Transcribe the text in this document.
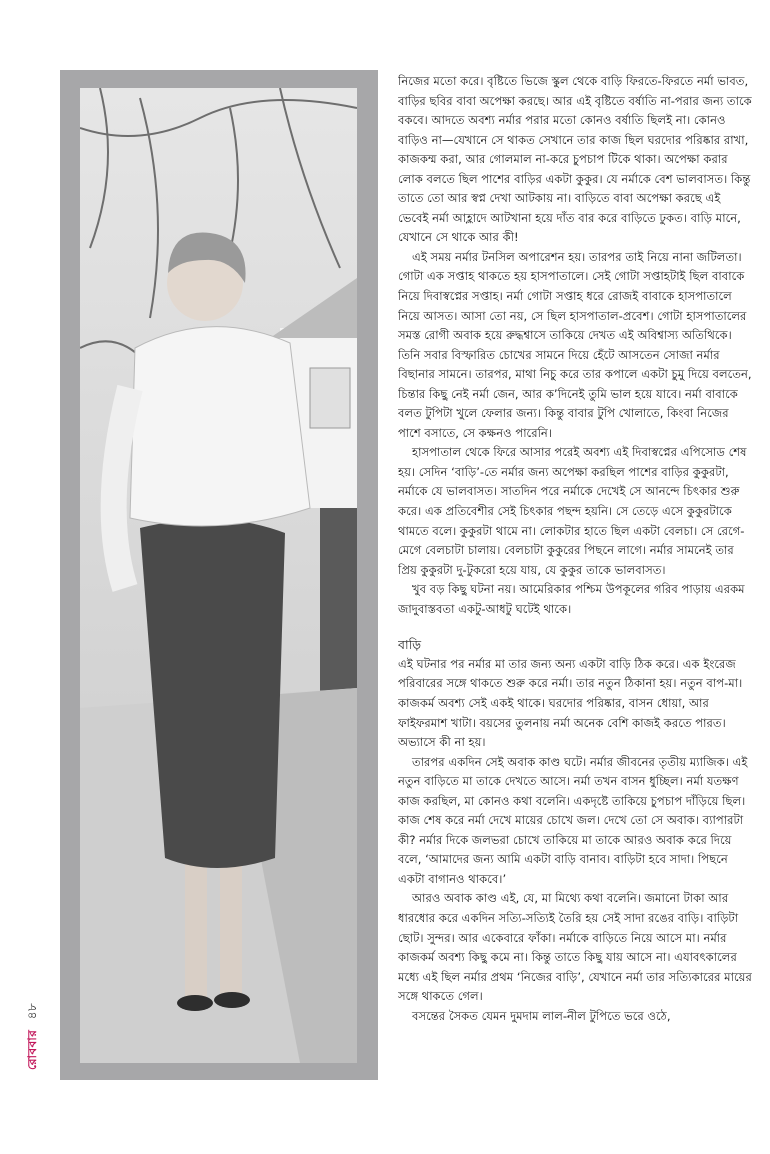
রোববার ৪৮

নিজের মতো করে। বৃষ্টিতে ভিজে স্কুল থেকে বাড়ি ফিরতে-ফিরতে নর্মা ভাবত, বাড়ির ছবির বাবা অপেক্ষা করছে। আর এই বৃষ্টিতে বর্ষাতি না-পরার জন্য তাকে বকবে। আদতে অবশ্য নর্মার পরার মতো কোনও বর্ষাতি ছিলই না। কোনও বাড়িও না—যেখানে সে থাকত সেখানে তার কাজ ছিল ঘরদোর পরিষ্কার রাখা, কাজকম্ম করা, আর গোলমাল না-করে চুপচাপ টিকে থাকা। অপেক্ষা করার লোক বলতে ছিল পাশের বাড়ির একটা কুকুর। যে নর্মাকে বেশ ভালবাসত। কিন্তু তাতে তো আর স্বপ্ন দেখা আটকায় না। বাড়িতে বাবা অপেক্ষা করছে এই ভেবেই নর্মা আহ্লাদে আটখানা হয়ে দাঁত বার করে বাড়িতে ঢুকত। বাড়ি মানে, যেখানে সে থাকে আর কী!

এই সময় নর্মার টনসিল অপারেশন হয়। তারপর তাই নিয়ে নানা জটিলতা। গোটা এক সপ্তাহ থাকতে হয় হাসপাতালে। সেই গোটা সপ্তাহটাই ছিল বাবাকে নিয়ে দিবাস্বপ্নের সপ্তাহ। নর্মা গোটা সপ্তাহ ধরে রোজই বাবাকে হাসপাতালে নিয়ে আসত। আসা তো নয়, সে ছিল হাসপাতাল-প্রবেশ। গোটা হাসপাতালের সমস্ত রোগী অবাক হয়ে রুদ্ধশ্বাসে তাকিয়ে দেখত এই অবিশ্বাস্য অতিথিকে। তিনি সবার বিস্ফারিত চোখের সামনে দিয়ে হেঁটে আসতেন সোজা নর্মার বিছানার সামনে। তারপর, মাথা নিচু করে তার কপালে একটা চুমু দিয়ে বলতেন, চিন্তার কিছু নেই নর্মা জেন, আর ক’দিনেই তুমি ভাল হয়ে যাবে। নর্মা বাবাকে বলত টুপিটা খুলে ফেলার জন্য। কিন্তু বাবার টুপি খোলাতে, কিংবা নিজের পাশে বসাতে, সে কক্ষনও পারেনি।

হাসপাতাল থেকে ফিরে আসার পরেই অবশ্য এই দিবাস্বপ্নের এপিসোড শেষ হয়। সেদিন ‘বাড়ি’-তে নর্মার জন্য অপেক্ষা করছিল পাশের বাড়ির কুকুরটা, নর্মাকে যে ভালবাসত। সাতদিন পরে নর্মাকে দেখেই সে আনন্দে চিৎকার শুরু করে। এক প্রতিবেশীর সেই চিৎকার পছন্দ হয়নি। সে তেড়ে এসে কুকুরটাকে থামতে বলে। কুকুরটা থামে না। লোকটার হাতে ছিল একটা বেলচা। সে রেগে-মেগে বেলচাটা চালায়। বেলচাটা কুকুরের পিছনে লাগে। নর্মার সামনেই তার প্রিয় কুকুরটা দু-টুকরো হয়ে যায়, যে কুকুর তাকে ভালবাসত।

খুব বড় কিছু ঘটনা নয়। আমেরিকার পশ্চিম উপকূলের গরিব পাড়ায় এরকম জাদুবাস্তবতা একটু-আধটু ঘটেই থাকে।

বাড়ি

এই ঘটনার পর নর্মার মা তার জন্য অন্য একটা বাড়ি ঠিক করে। এক ইংরেজ পরিবারের সঙ্গে থাকতে শুরু করে নর্মা। তার নতুন ঠিকানা হয়। নতুন বাপ-মা। কাজকর্ম অবশ্য সেই একই থাকে। ঘরদোর পরিষ্কার, বাসন ধোয়া, আর ফাইফরমাশ খাটা। বয়সের তুলনায় নর্মা অনেক বেশি কাজই করতে পারত। অভ্যাসে কী না হয়।

তারপর একদিন সেই অবাক কাণ্ড ঘটে। নর্মার জীবনের তৃতীয় ম্যাজিক। এই নতুন বাড়িতে মা তাকে দেখতে আসে। নর্মা তখন বাসন ধুচ্ছিল। নর্মা যতক্ষণ কাজ করছিল, মা কোনও কথা বলেনি। একদৃষ্টে তাকিয়ে চুপচাপ দাঁড়িয়ে ছিল। কাজ শেষ করে নর্মা দেখে মায়ের চোখে জল। দেখে তো সে অবাক। ব্যাপারটা কী? নর্মার দিকে জলভরা চোখে তাকিয়ে মা তাকে আরও অবাক করে দিয়ে বলে, ‘আমাদের জন্য আমি একটা বাড়ি বানাব। বাড়িটা হবে সাদা। পিছনে একটা বাগানও থাকবে।’

আরও অবাক কাণ্ড এই, যে, মা মিথ্যে কথা বলেনি। জমানো টাকা আর ধারধোর করে একদিন সত্যি-সত্যিই তৈরি হয় সেই সাদা রঙের বাড়ি। বাড়িটা ছোট। সুন্দর। আর একেবারে ফাঁকা। নর্মাকে বাড়িতে নিয়ে আসে মা। নর্মার কাজকর্ম অবশ্য কিছু কমে না। কিন্তু তাতে কিছু যায় আসে না। এযাবৎকালের মধ্যে এই ছিল নর্মার প্রথম ‘নিজের বাড়ি’, যেখানে নর্মা তার সত্যিকারের মায়ের সঙ্গে থাকতে গেল।

বসন্তের সৈকত যেমন দুমদাম লাল-নীল টুপিতে ভরে ওঠে,
